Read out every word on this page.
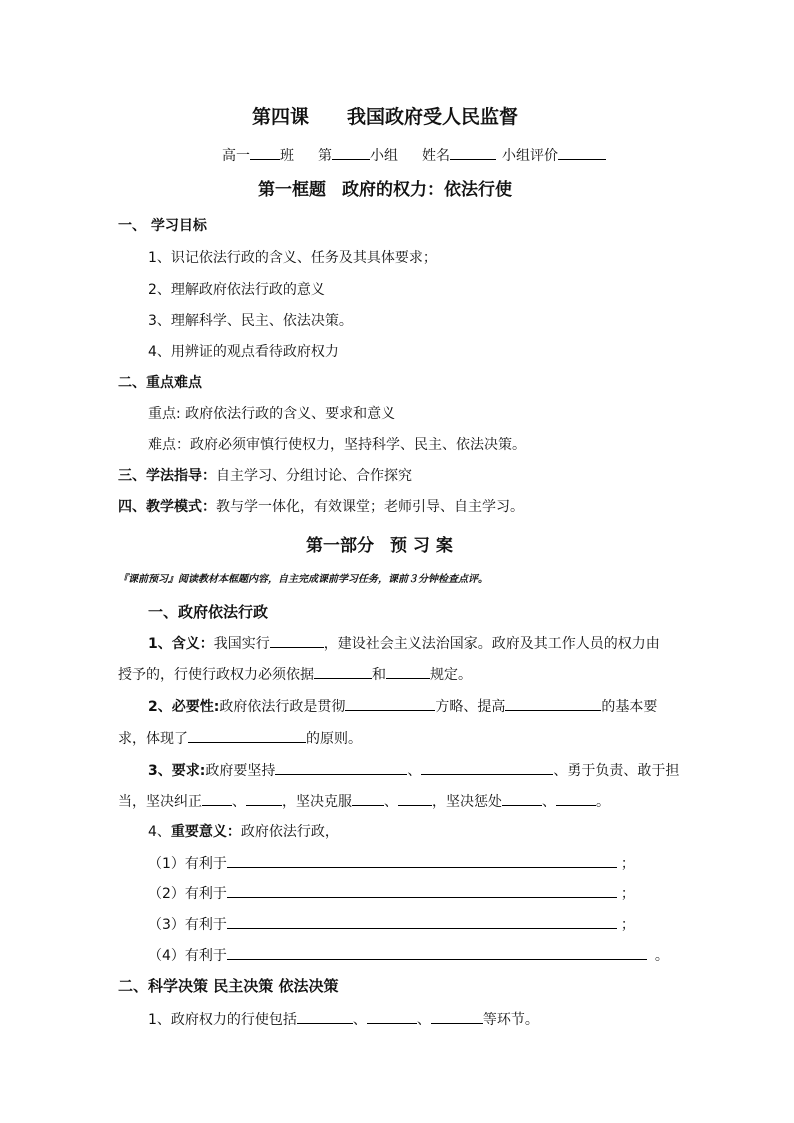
第四课 我国政府受人民监督
高一 班 第	小组 姓名	小组评价
第一框题 政府的权力：依法行使
一、 学习目标
1、识记依法行政的含义、任务及其具体要求；
2、理解政府依法行政的意义
3、理解科学、民主、依法决策。
4、用辨证的观点看待政府权力
二、重点难点
重点: 政府依法行政的含义、要求和意义
难点：政府必须审慎行使权力，坚持科学、民主、依法决策。
三、学法指导：自主学习、分组讨论、合作探究
四、教学模式：教与学一体化，有效课堂；老师引导、自主学习。
第一部分 预 习 案
『课前预习』阅读教材本框题内容，自主完成课前学习任务，课前３分钟检查点评。
一、政府依法行政
1、含义：我国实行	，建设社会主义法治国家。政府及其工作人员的权力由
授予的，行使行政权力必须依据	和	规定。
2、必要性:政府依法行政是贯彻	方略、提高	的基本要
求，体现了	的原则。
3、要求:政府要坚持	、	、勇于负责、敢于担
当，坚决纠正 、	，坚决克服 、 ，坚决惩处	、	。
4、重要意义：政府依法行政，
（1）有利于	；
（2）有利于	；
（3）有利于	；
（4）有利于	。
二、科学决策 民主决策 依法决策
1、政府权力的行使包括	、	、	等环节。
